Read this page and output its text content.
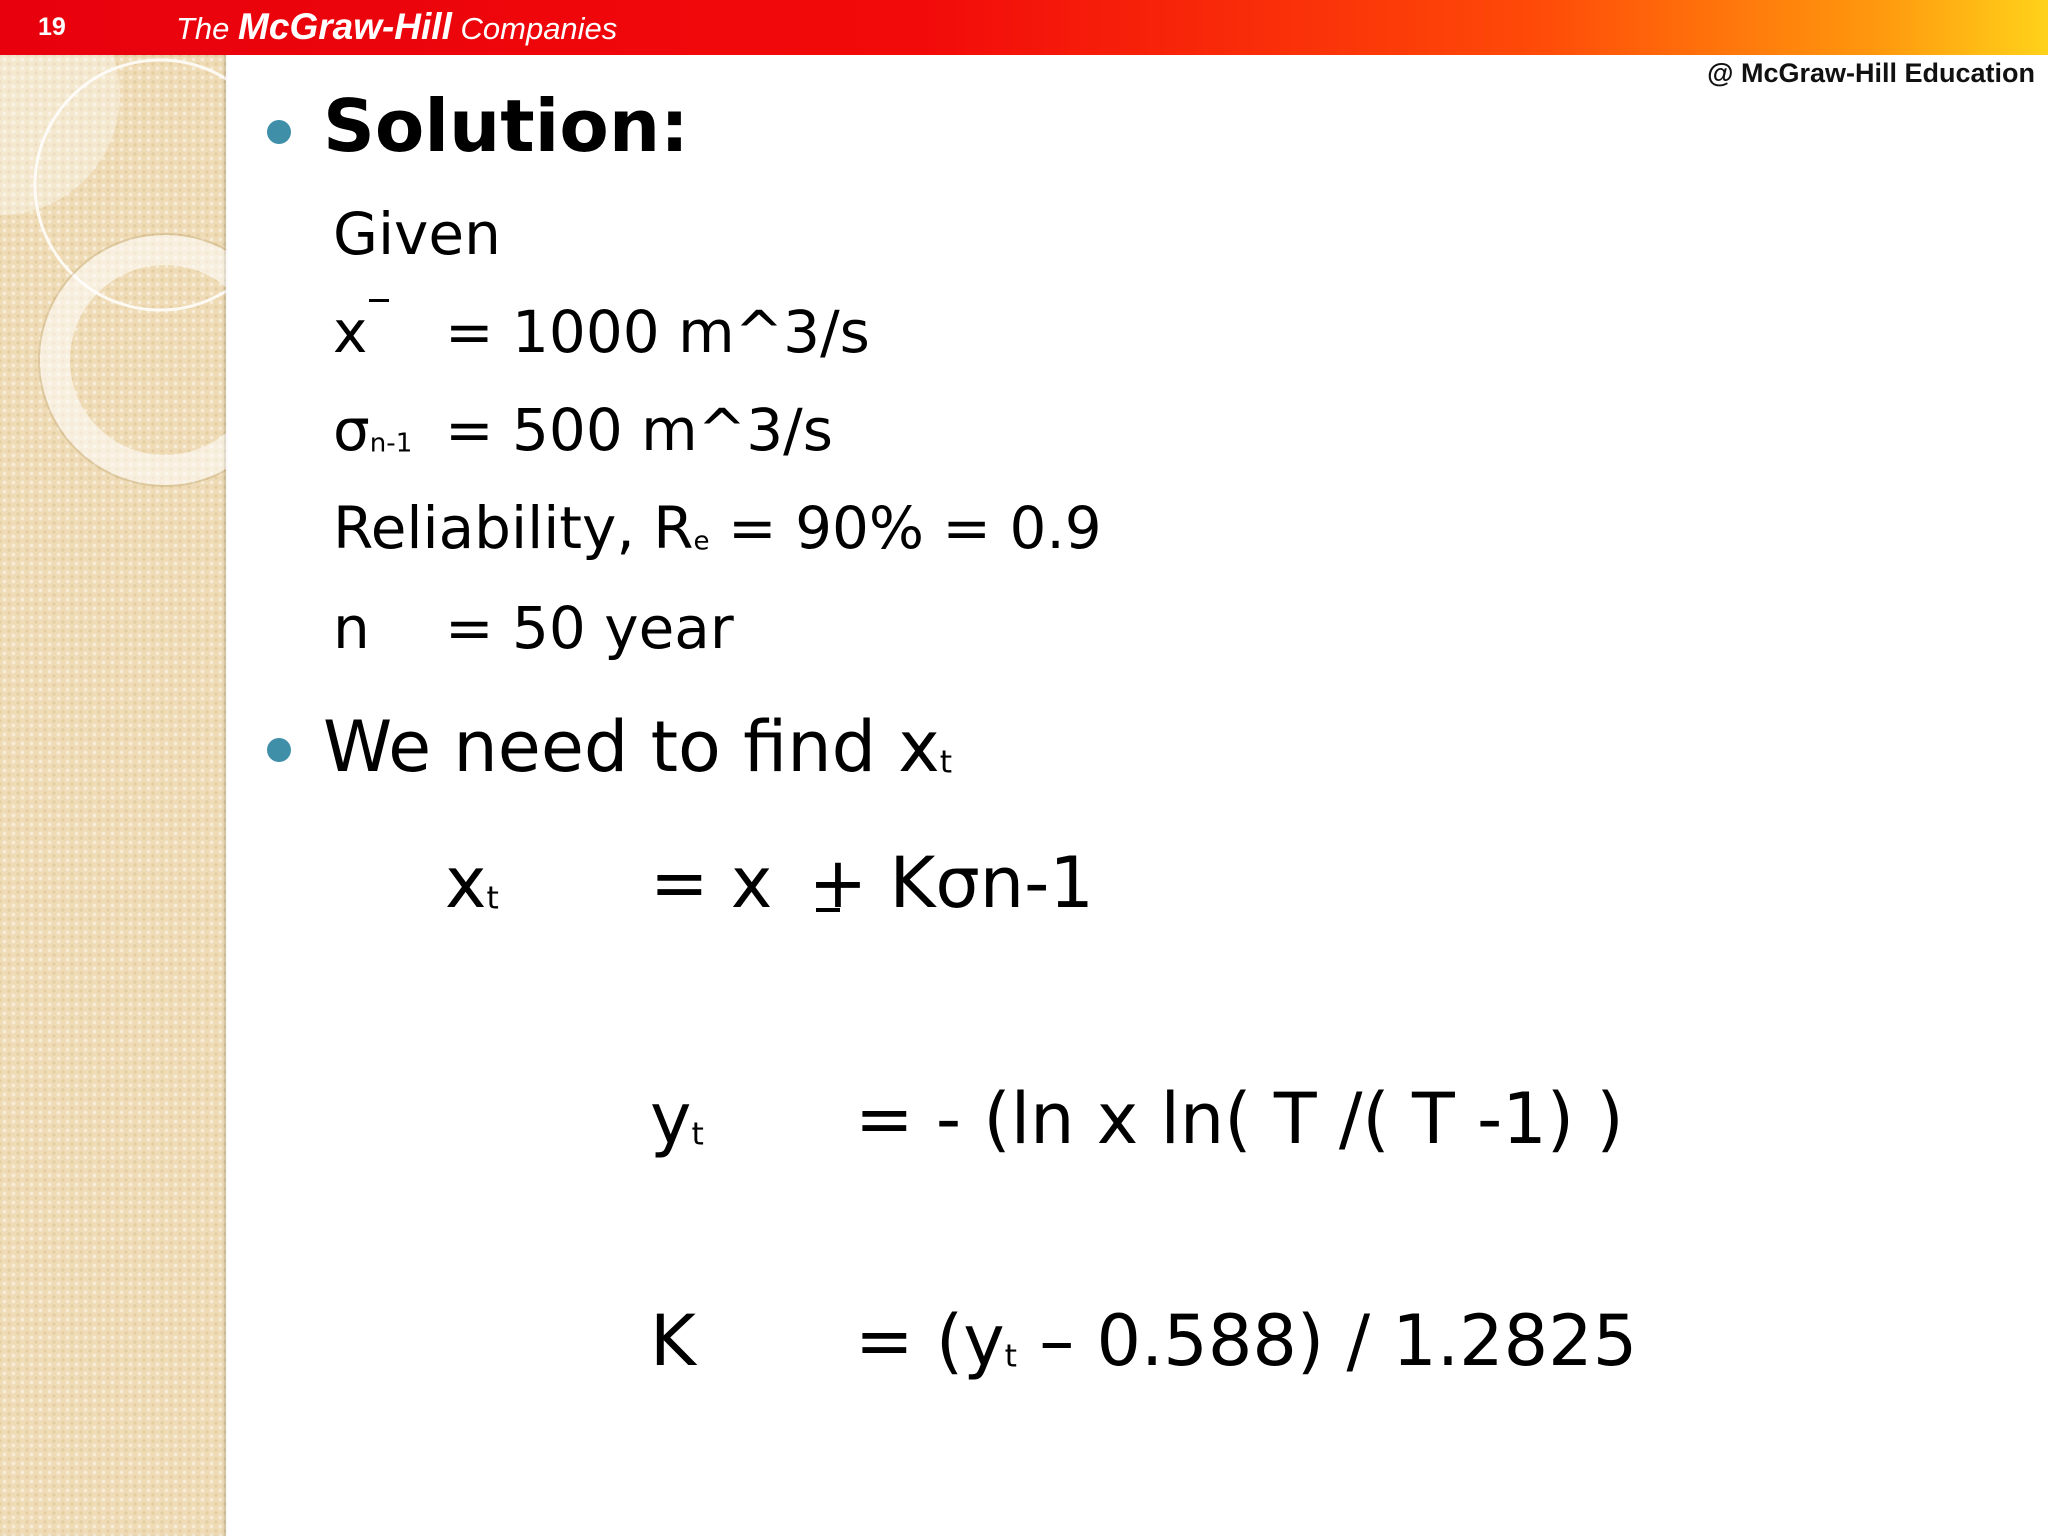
19	The McGraw-Hill Companies
@ McGraw-Hill Education
Solution:
Given
x = 1000 m^3/s
σn-1 = 500 m^3/s
Reliability, Re = 90% = 0.9
n = 50 year
We need to find xt
xt = x + Kσn-1
yt = - (ln x ln( T /( T -1) )
K = (yt – 0.588) / 1.2825
